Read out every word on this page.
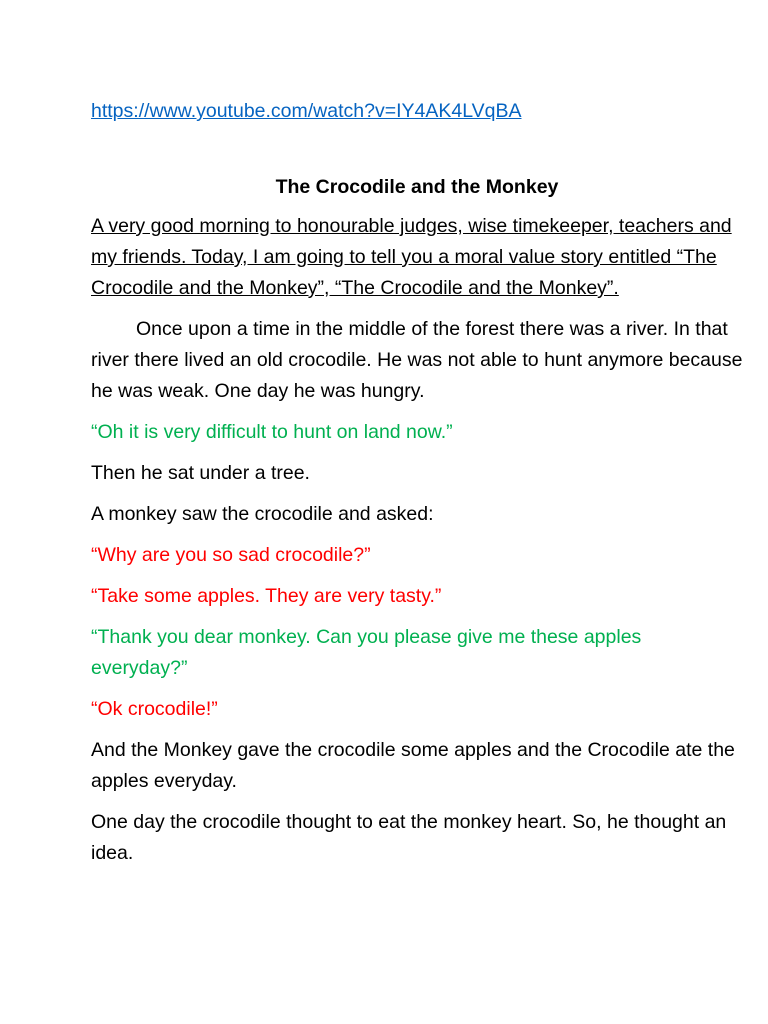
https://www.youtube.com/watch?v=IY4AK4LVqBA
The Crocodile and the Monkey

A very good morning to honourable judges, wise timekeeper, teachers and my friends. Today, I am going to tell you a moral value story entitled “The Crocodile and the Monkey”, “The Crocodile and the Monkey”.

Once upon a time in the middle of the forest there was a river. In that river there lived an old crocodile. He was not able to hunt anymore because he was weak. One day he was hungry.

“Oh it is very difficult to hunt on land now.”

Then he sat under a tree.

A monkey saw the crocodile and asked:

“Why are you so sad crocodile?”

“Take some apples. They are very tasty.”

“Thank you dear monkey. Can you please give me these apples everyday?”

“Ok crocodile!”

And the Monkey gave the crocodile some apples and the Crocodile ate the apples everyday.

One day the crocodile thought to eat the monkey heart. So, he thought an idea.
